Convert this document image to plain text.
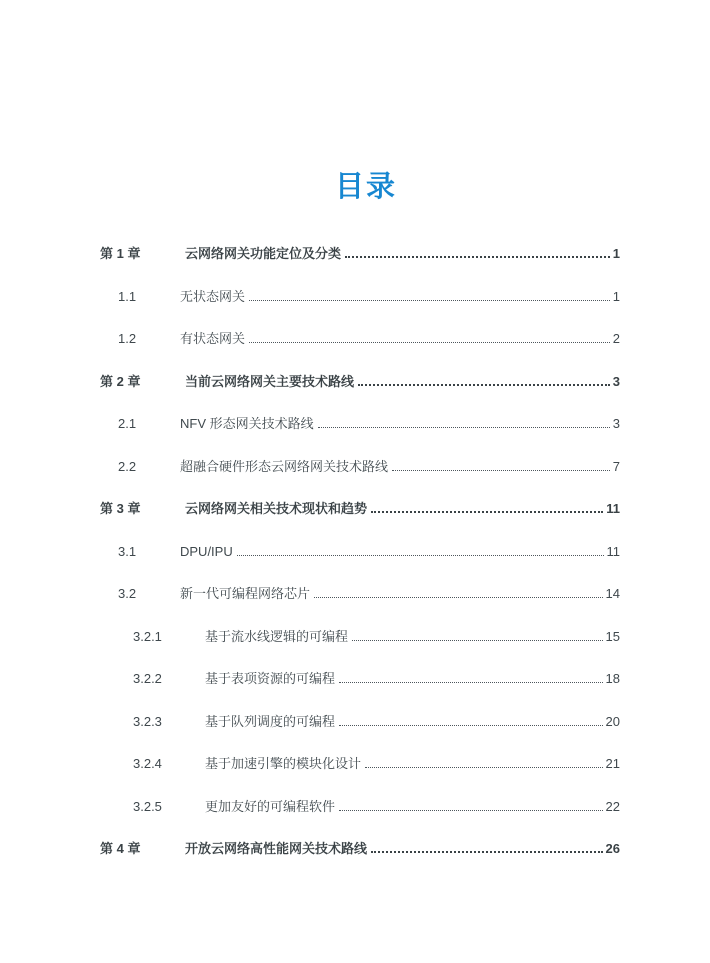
目录
第 1 章	云网络网关功能定位及分类	1
1.1	无状态网关	1
1.2	有状态网关	2
第 2 章	当前云网络网关主要技术路线	3
2.1	NFV 形态网关技术路线	3
2.2	超融合硬件形态云网络网关技术路线	7
第 3 章	云网络网关相关技术现状和趋势	11
3.1	DPU/IPU	11
3.2	新一代可编程网络芯片	14
3.2.1	基于流水线逻辑的可编程	15
3.2.2	基于表项资源的可编程	18
3.2.3	基于队列调度的可编程	20
3.2.4	基于加速引擎的模块化设计	21
3.2.5	更加友好的可编程软件	22
第 4 章	开放云网络高性能网关技术路线	26
